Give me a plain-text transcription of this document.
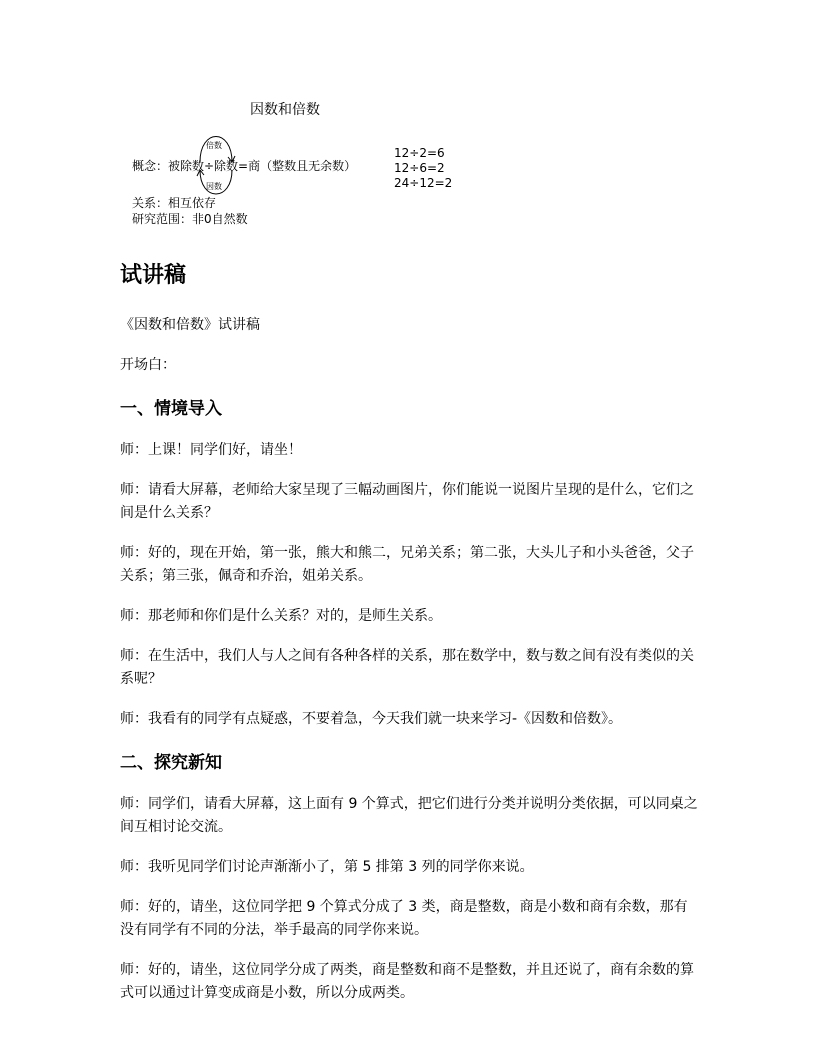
因数和倍数
倍数
概念：被除数÷除数=商（整数且无余数）
因数
关系：相互依存
研究范围：非0自然数
12÷2=6
12÷6=2
24÷12=2
试讲稿

《因数和倍数》试讲稿

开场白：

一、情境导入

师：上课！同学们好，请坐！

师：请看大屏幕，老师给大家呈现了三幅动画图片，你们能说一说图片呈现的是什么，它们之间是什么关系？

师：好的，现在开始，第一张，熊大和熊二，兄弟关系；第二张，大头儿子和小头爸爸，父子关系；第三张，佩奇和乔治，姐弟关系。

师：那老师和你们是什么关系？对的，是师生关系。

师：在生活中，我们人与人之间有各种各样的关系，那在数学中，数与数之间有没有类似的关系呢？

师：我看有的同学有点疑惑，不要着急，今天我们就一块来学习-《因数和倍数》。

二、探究新知

师：同学们，请看大屏幕，这上面有 9 个算式，把它们进行分类并说明分类依据，可以同桌之间互相讨论交流。

师：我听见同学们讨论声渐渐小了，第 5 排第 3 列的同学你来说。

师：好的，请坐，这位同学把 9 个算式分成了 3 类，商是整数，商是小数和商有余数，那有没有同学有不同的分法，举手最高的同学你来说。

师：好的，请坐，这位同学分成了两类，商是整数和商不是整数，并且还说了，商有余数的算式可以通过计算变成商是小数，所以分成两类。
